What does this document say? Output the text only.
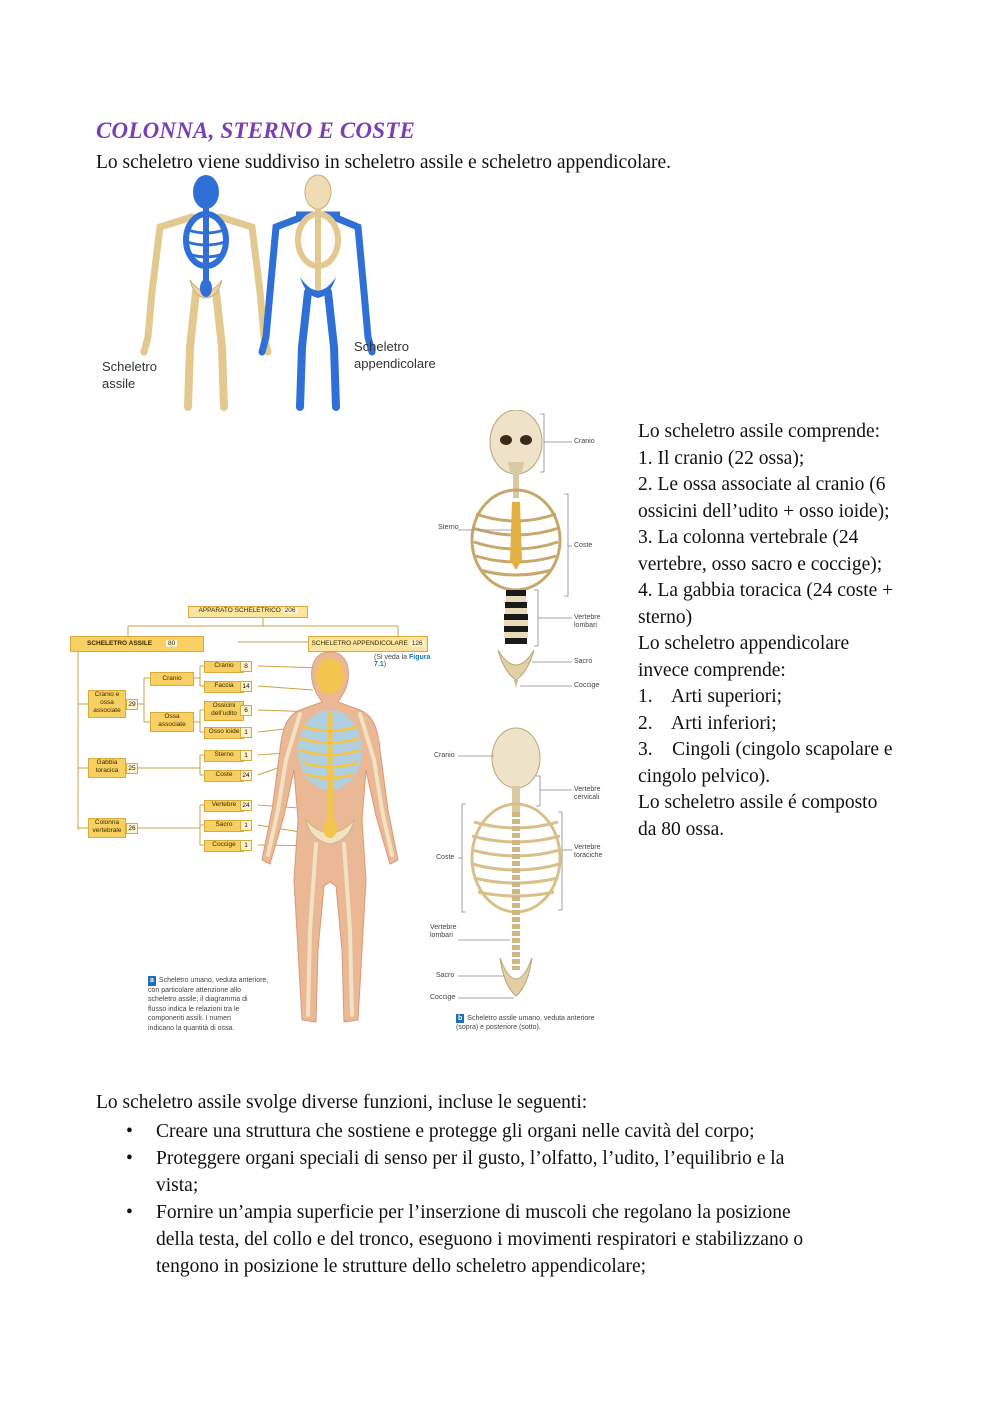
COLONNA, STERNO E COSTE
Lo scheletro viene suddiviso in scheletro assile e scheletro appendicolare.
Scheletro
assile
Scheletro
appendicolare
APPARATO SCHELETRICO 206
SCHELETRO ASSILE 80	SCHELETRO APPENDICOLARE 126
(Si veda la Figura 7.1)
Cranio e ossa associate
29
Cranio
Ossa associate
Cranio	8
Faccia	14
Ossicini dell’udito	6
Osso ioide 1
Gabbia toracica	25
Sterno	1
Coste	24
Colonna vertebrale	26
Vertebre 24
Sacro	1
Coccige	1
a Scheletro umano, veduta anteriore,
con particolare attenzione allo
scheletro assile; il diagramma di
flusso indica le relazioni tra le
componenti assili. I numeri
indicano la quantità di ossa.
Cranio
Sterno
Coste
Vertebre
lombari
Sacro
Coccige
Cranio
Vertebre
cervicali
Coste
Vertebre
toraciche
Vertebre
lombari
Sacro
Coccige
b Scheletro assile umano, veduta anteriore
(sopra) e posteriore (sotto).
Lo scheletro assile comprende:
1. Il cranio (22 ossa);
2. Le ossa associate al cranio (6
ossicini dell’udito + osso ioide);
3. La colonna vertebrale (24
vertebre, osso sacro e coccige);
4. La gabbia toracica (24 coste +
sterno)
Lo scheletro appendicolare
invece comprende:
1.    Arti superiori;
2.    Arti inferiori;
3.    Cingoli (cingolo scapolare e
cingolo pelvico).
Lo scheletro assile é composto
da 80 ossa.
Lo scheletro assile svolge diverse funzioni, incluse le seguenti:
• Creare una struttura che sostiene e protegge gli organi nelle cavità del corpo;
• Proteggere organi speciali di senso per il gusto, l’olfatto, l’udito, l’equilibrio e la
vista;
• Fornire un’ampia superficie per l’inserzione di muscoli che regolano la posizione
della testa, del collo e del tronco, eseguono i movimenti respiratori e stabilizzano o
tengono in posizione le strutture dello scheletro appendicolare;
